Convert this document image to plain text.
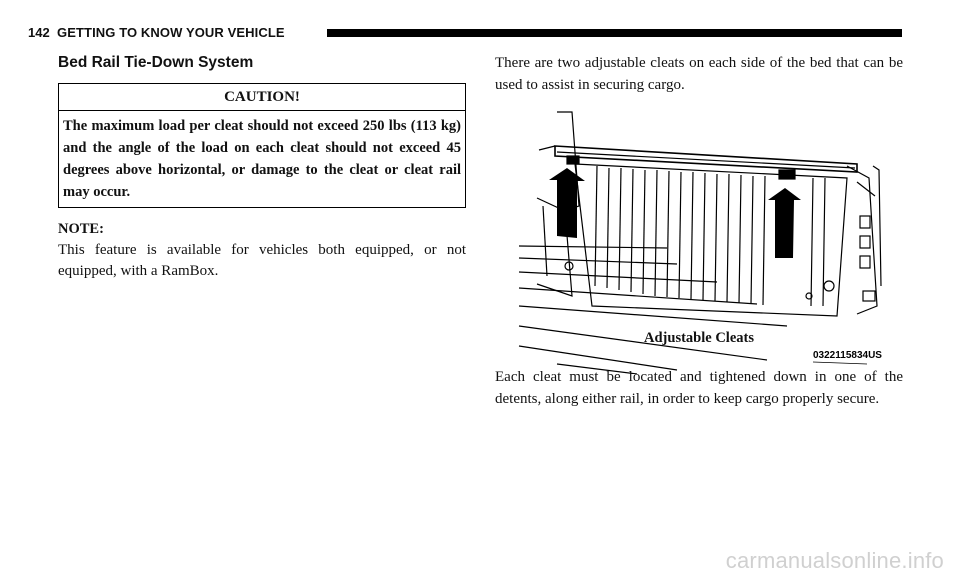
142 GETTING TO KNOW YOUR VEHICLE
Bed Rail Tie-Down System
CAUTION!
The maximum load per cleat should not exceed 250 lbs (113 kg) and the angle of the load on each cleat should not exceed 45 degrees above horizontal, or damage to the cleat or cleat rail may occur.
NOTE:
This feature is available for vehicles both equipped, or not equipped, with a RamBox.

There are two adjustable cleats on each side of the bed that can be used to assist in securing cargo.

0322115834US
Adjustable Cleats

Each cleat must be located and tightened down in one of the detents, along either rail, in order to keep cargo properly secure.

carmanualsonline.info
